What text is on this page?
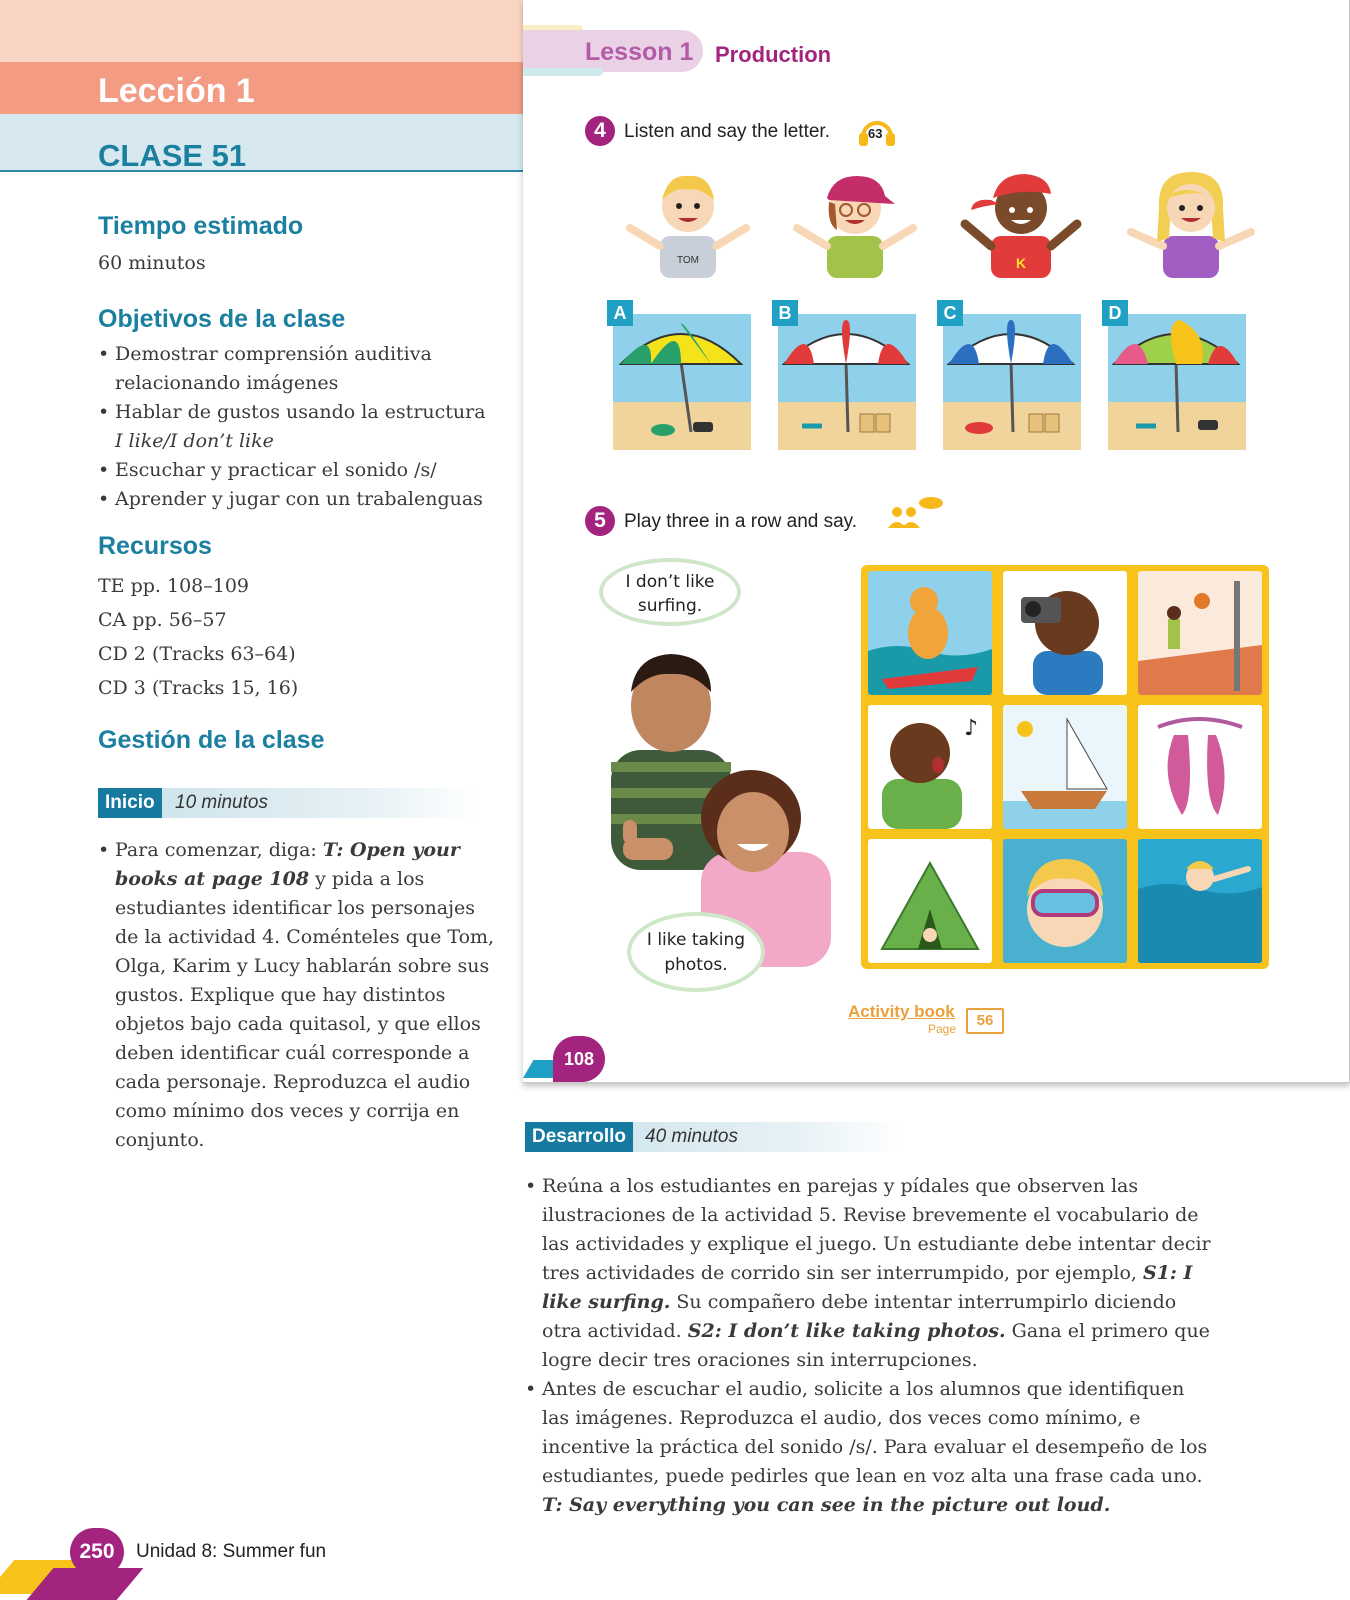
Lección 1
CLASE 51
Tiempo estimado
60 minutos
Objetivos de la clase
• Demostrar comprensión auditiva relacionando imágenes
• Hablar de gustos usando la estructura
I like/I don’t like
• Escuchar y practicar el sonido /s/
• Aprender y jugar con un trabalenguas
Recursos
TE pp. 108–109
CA pp. 56–57
CD 2 (Tracks 63–64)
CD 3 (Tracks 15, 16)
Gestión de la clase
Inicio	10 minutos
• Para comenzar, diga: T: Open your books at page 108 y pida a los estudiantes identificar los personajes de la actividad 4. Coménteles que Tom, Olga, Karim y Lucy hablarán sobre sus gustos. Explique que hay distintos objetos bajo cada quitasol, y que ellos deben identificar cuál corresponde a cada personaje. Reproduzca el audio como mínimo dos veces y corrija en conjunto.
Lesson 1 Production
4 Listen and say the letter.	63
TOM	K
A	B	C	D
5 Play three in a row and say.
I don’t like surfing.
I like taking photos.
♪
Activity book
Page	56
108
Desarrollo	40 minutos
• Reúna a los estudiantes en parejas y pídales que observen las ilustraciones de la actividad 5. Revise brevemente el vocabulario de las actividades y explique el juego. Un estudiante debe intentar decir tres actividades de corrido sin ser interrumpido, por ejemplo, S1: I like surfing. Su compañero debe intentar interrumpirlo diciendo otra actividad. S2: I don’t like taking photos. Gana el primero que logre decir tres oraciones sin interrupciones.
• Antes de escuchar el audio, solicite a los alumnos que identifiquen las imágenes. Reproduzca el audio, dos veces como mínimo, e incentive la práctica del sonido /s/. Para evaluar el desempeño de los estudiantes, puede pedirles que lean en voz alta una frase cada uno. T: Say everything you can see in the picture out loud.
250	Unidad 8: Summer fun
